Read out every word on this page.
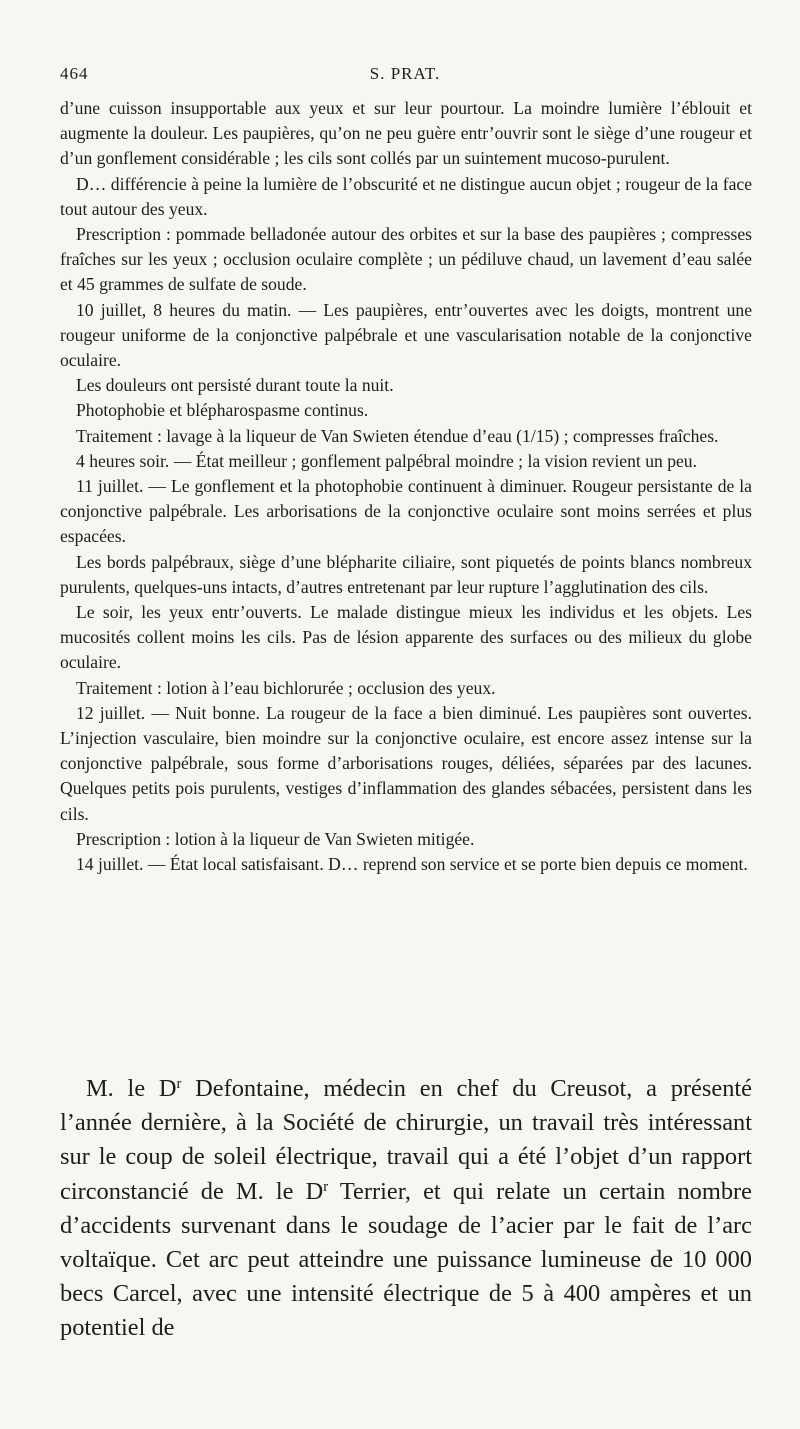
464	S. PRAT.

d’une cuisson insupportable aux yeux et sur leur pourtour. La moindre lumière l’éblouit et augmente la douleur. Les paupières, qu’on ne peu guère entr’ouvrir sont le siège d’une rougeur et d’un gonflement considérable ; les cils sont collés par un suintement mucoso-purulent.

D… différencie à peine la lumière de l’obscurité et ne distingue aucun objet ; rougeur de la face tout autour des yeux.

Prescription : pommade belladonée autour des orbites et sur la base des paupières ; compresses fraîches sur les yeux ; occlusion oculaire complète ; un pédiluve chaud, un lavement d’eau salée et 45 grammes de sulfate de soude.

10 juillet, 8 heures du matin. — Les paupières, entr’ouvertes avec les doigts, montrent une rougeur uniforme de la conjonctive palpébrale et une vascularisation notable de la conjonctive oculaire.

Les douleurs ont persisté durant toute la nuit.

Photophobie et blépharospasme continus.

Traitement : lavage à la liqueur de Van Swieten étendue d’eau (1/15) ; compresses fraîches.

4 heures soir. — État meilleur ; gonflement palpébral moindre ; la vision revient un peu.

11 juillet. — Le gonflement et la photophobie continuent à diminuer. Rougeur persistante de la conjonctive palpébrale. Les arborisations de la conjonctive oculaire sont moins serrées et plus espacées.

Les bords palpébraux, siège d’une blépharite ciliaire, sont piquetés de points blancs nombreux purulents, quelques-uns intacts, d’autres entretenant par leur rupture l’agglutination des cils.

Le soir, les yeux entr’ouverts. Le malade distingue mieux les individus et les objets. Les mucosités collent moins les cils. Pas de lésion apparente des surfaces ou des milieux du globe oculaire.

Traitement : lotion à l’eau bichlorurée ; occlusion des yeux.

12 juillet. — Nuit bonne. La rougeur de la face a bien diminué. Les paupières sont ouvertes. L’injection vasculaire, bien moindre sur la conjonctive oculaire, est encore assez intense sur la conjonctive palpébrale, sous forme d’arborisations rouges, déliées, séparées par des lacunes. Quelques petits pois purulents, vestiges d’inflammation des glandes sébacées, persistent dans les cils.

Prescription : lotion à la liqueur de Van Swieten mitigée.

14 juillet. — État local satisfaisant. D… reprend son service et se porte bien depuis ce moment.

M. le $D^r$ Defontaine, médecin en chef du Creusot, a présenté l’année dernière, à la Société de chirurgie, un travail très intéressant sur le coup de soleil électrique, travail qui a été l’objet d’un rapport circonstancié de M. le $D^r$ Terrier, et qui relate un certain nombre d’accidents survenant dans le soudage de l’acier par le fait de l’arc voltaïque. Cet arc peut atteindre une puissance lumineuse de 10 000 becs Carcel, avec une intensité électrique de 5 à 400 ampères et un potentiel de
